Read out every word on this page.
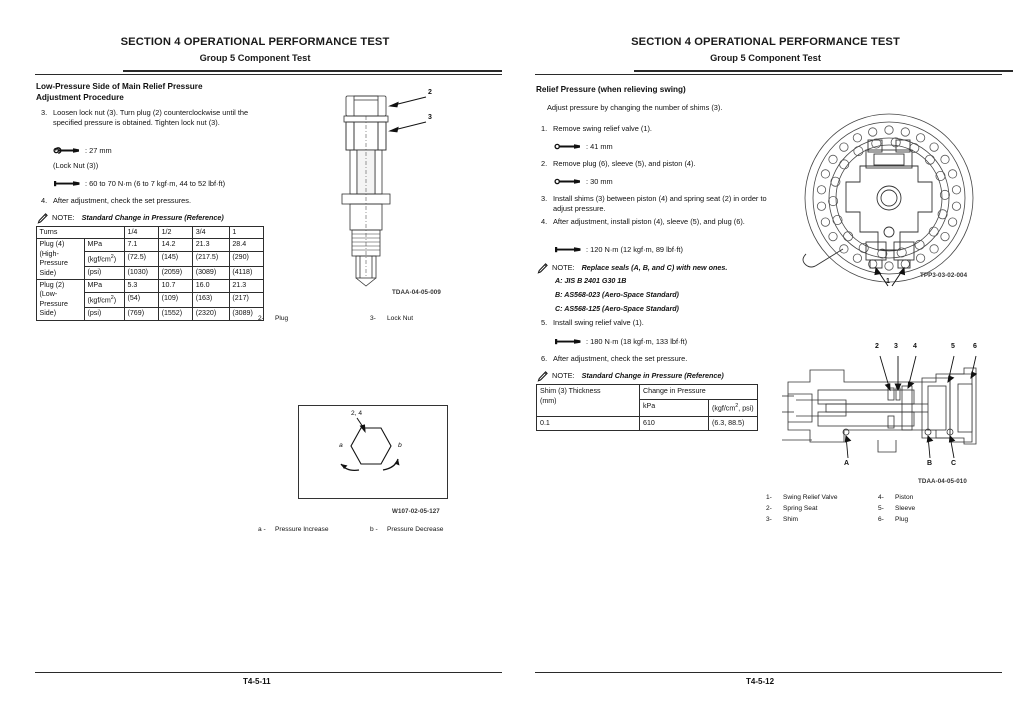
SECTION 4 OPERATIONAL PERFORMANCE TEST
Group 5 Component Test
Low-Pressure Side of Main Relief Pressure
Adjustment Procedure
3. Loosen lock nut (3). Turn plug (2) counterclockwise until the specified pressure is obtained. Tighten lock nut (3).
: 27 mm
(Lock Nut (3))
: 60 to 70 N·m (6 to 7 kgf·m, 44 to 52 lbf·ft)
4. After adjustment, check the set pressures.
NOTE: Standard Change in Pressure (Reference)
Turns		1/4	1/2	3/4	1
Plug (4)
(High-
Pressure
Side)	MPa	7.1	14.2	21.3	28.4
	$(kgf/cm^2)$	(72.5)	(145)	(217.5)	(290)
	(psi)	(1030)	(2059)	(3089)	(4118)
Plug (2)
(Low-
Pressure
Side)	MPa	5.3	10.7	16.0	21.3
	$(kgf/cm^2)$	(54)	(109)	(163)	(217)
	(psi)	(769)	(1552)	(2320)	(3089)
2
3
TDAA-04-05-009
2-	Plug	3-	Lock Nut
2, 4
a	b
W107-02-05-127
a -	Pressure Increase	b -	Pressure Decrease
T4-5-11
SECTION 4 OPERATIONAL PERFORMANCE TEST
Group 5 Component Test
Relief Pressure (when relieving swing)
Adjust pressure by changing the number of shims (3).
1. Remove swing relief valve (1).
: 41 mm
2. Remove plug (6), sleeve (5), and piston (4).
: 30 mm
3. Install shims (3) between piston (4) and spring seat (2) in order to adjust pressure.
4. After adjustment, install piston (4), sleeve (5), and plug (6).
: 120 N·m (12 kgf·m, 89 lbf·ft)
NOTE: Replace seals (A, B, and C) with new ones.
A: JIS B 2401 G30 1B
B: AS568-023 (Aero-Space Standard)
C: AS568-125 (Aero-Space Standard)
5. Install swing relief valve (1).
: 180 N·m (18 kgf·m, 133 lbf·ft)
6. After adjustment, check the set pressure.
NOTE: Standard Change in Pressure (Reference)
Shim (3) Thickness
(mm)	Change in Pressure	
	kPa	($kgf/cm^2$, psi)
0.1	610	(6.3, 88.5)
1
TPP3-03-02-004
2 3 4	5	6
A	B	C
TDAA-04-05-010
1-	Swing Relief Valve
2-	Spring Seat
3-	Shim
4-	Piston
5-	Sleeve
6-	Plug
T4-5-12
